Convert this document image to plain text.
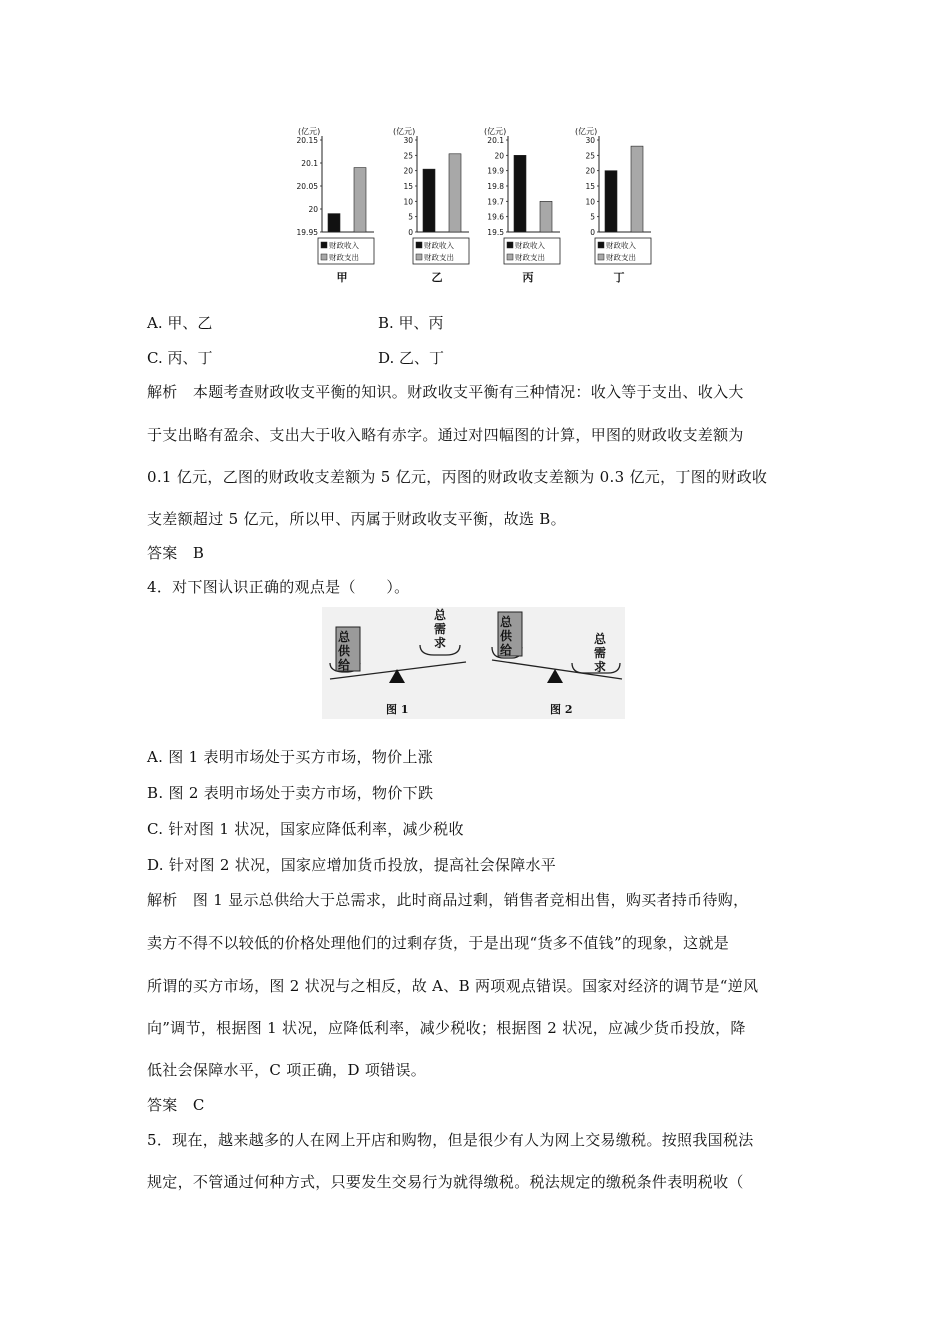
(亿元)
20.15
20.1
20.05
20
19.95
财政收入
财政支出
甲
(亿元)
30
25
20
15
10
5
0
财政收入
财政支出
乙
(亿元)
20.1
20
19.9
19.8
19.7
19.6
19.5
财政收入
财政支出
丙
(亿元)
30
25
20
15
10
5
0
财政收入
财政支出
丁
A. 甲、乙	B. 甲、丙
C. 丙、丁	D. 乙、丁
解析　本题考查财政收支平衡的知识。财政收支平衡有三种情况：收入等于支出、收入大
于支出略有盈余、支出大于收入略有赤字。通过对四幅图的计算，甲图的财政收支差额为
0.1 亿元，乙图的财政收支差额为 5 亿元，丙图的财政收支差额为 0.3 亿元，丁图的财政收
支差额超过 5 亿元，所以甲、丙属于财政收支平衡，故选 B。
答案　B
4．对下图认识正确的观点是（　　）。
总
供
给
总
需
求
图 1
总
供
给
总
需
求
图 2
A. 图 1 表明市场处于买方市场，物价上涨
B. 图 2 表明市场处于卖方市场，物价下跌
C. 针对图 1 状况，国家应降低利率，减少税收
D. 针对图 2 状况，国家应增加货币投放，提高社会保障水平
解析　图 1 显示总供给大于总需求，此时商品过剩，销售者竞相出售，购买者持币待购，
卖方不得不以较低的价格处理他们的过剩存货，于是出现“货多不值钱”的现象，这就是
所谓的买方市场，图 2 状况与之相反，故 A、B 两项观点错误。国家对经济的调节是“逆风
向”调节，根据图 1 状况，应降低利率，减少税收；根据图 2 状况，应减少货币投放，降
低社会保障水平，C 项正确，D 项错误。
答案　C
5．现在，越来越多的人在网上开店和购物，但是很少有人为网上交易缴税。按照我国税法
规定，不管通过何种方式，只要发生交易行为就得缴税。税法规定的缴税条件表明税收（
